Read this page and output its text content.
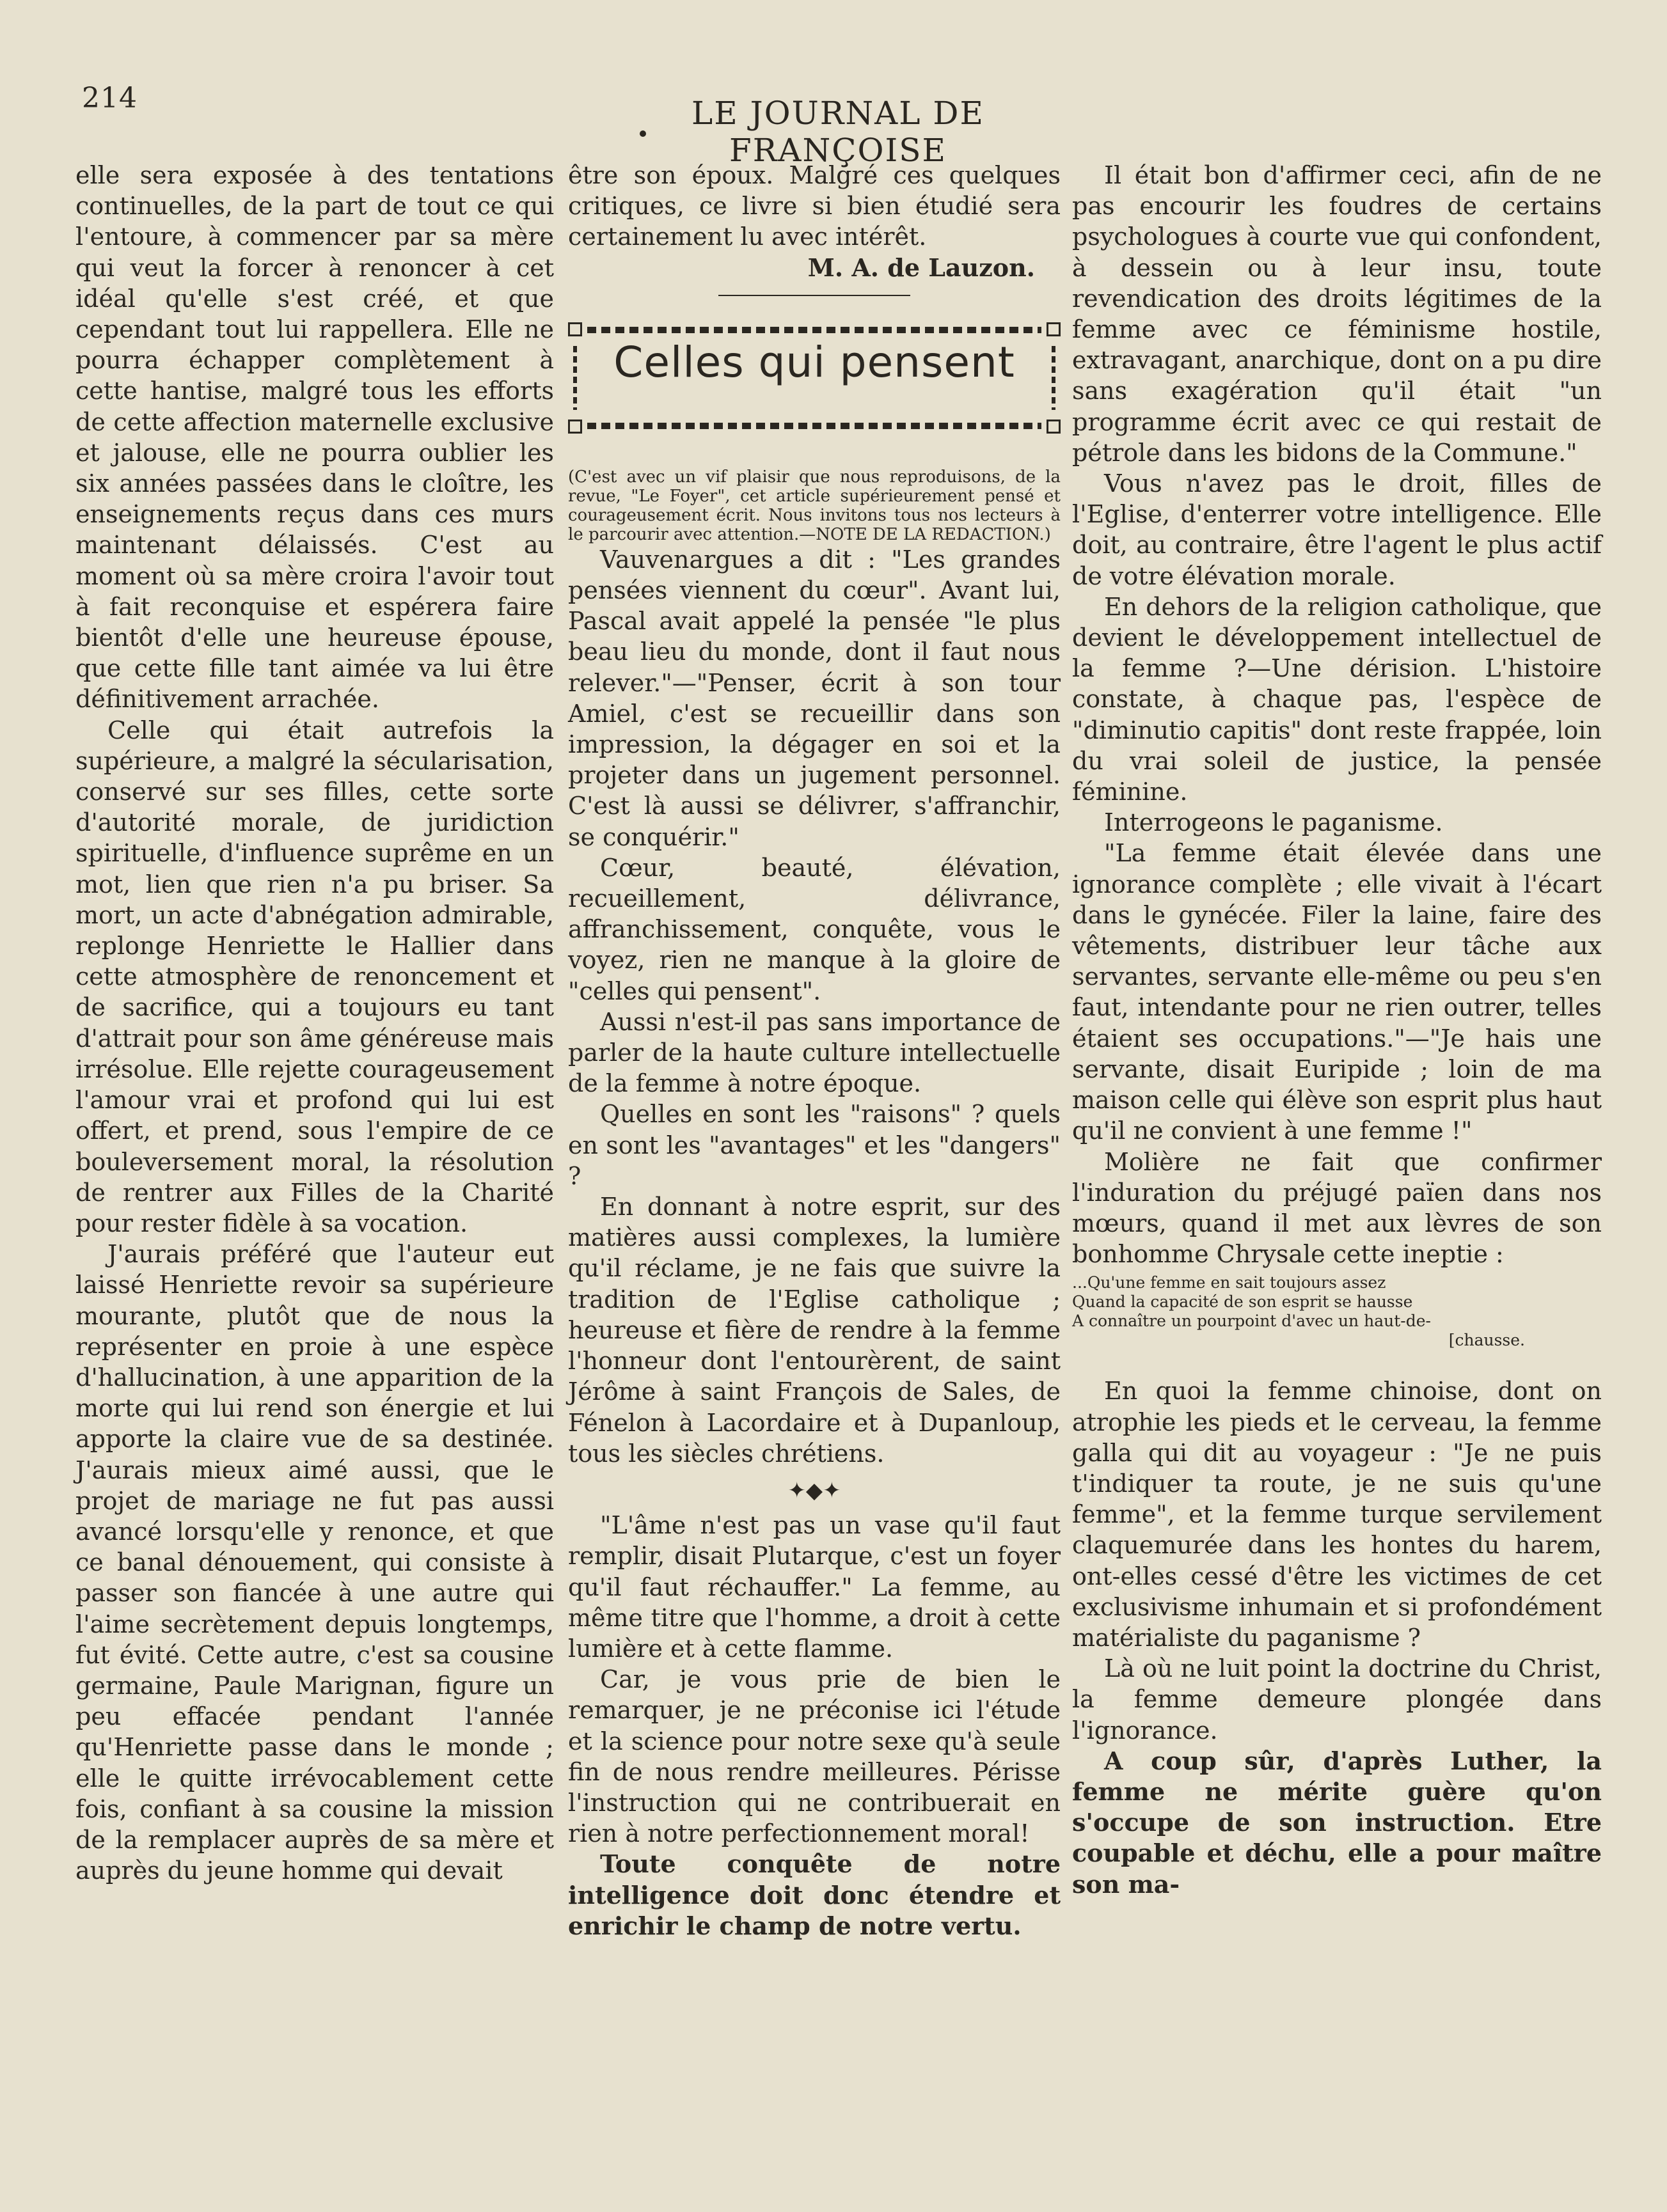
214	LE JOURNAL DE FRANÇOISE

elle sera exposée à des tentations continuelles, de la part de tout ce qui l'entoure, à commencer par sa mère qui veut la forcer à renoncer à cet idéal qu'elle s'est créé, et que cependant tout lui rappellera. Elle ne pourra échapper complètement à cette hantise, malgré tous les efforts de cette affection maternelle exclusive et jalouse, elle ne pourra oublier les six années passées dans le cloître, les enseignements reçus dans ces murs maintenant délaissés. C'est au moment où sa mère croira l'avoir tout à fait reconquise et espérera faire bientôt d'elle une heureuse épouse, que cette fille tant aimée va lui être définitivement arrachée.

Celle qui était autrefois la supérieure, a malgré la sécularisation, conservé sur ses filles, cette sorte d'autorité morale, de juridiction spirituelle, d'influence suprême en un mot, lien que rien n'a pu briser. Sa mort, un acte d'abnégation admirable, replonge Henriette le Hallier dans cette atmosphère de renoncement et de sacrifice, qui a toujours eu tant d'attrait pour son âme généreuse mais irrésolue. Elle rejette courageusement l'amour vrai et profond qui lui est offert, et prend, sous l'empire de ce bouleversement moral, la résolution de rentrer aux Filles de la Charité pour rester fidèle à sa vocation.

J'aurais préféré que l'auteur eut laissé Henriette revoir sa supérieure mourante, plutôt que de nous la représenter en proie à une espèce d'hallucination, à une apparition de la morte qui lui rend son énergie et lui apporte la claire vue de sa destinée. J'aurais mieux aimé aussi, que le projet de mariage ne fut pas aussi avancé lorsqu'elle y renonce, et que ce banal dénouement, qui consiste à passer son fiancée à une autre qui l'aime secrètement depuis longtemps, fut évité. Cette autre, c'est sa cousine germaine, Paule Marignan, figure un peu effacée pendant l'année qu'Henriette passe dans le monde ; elle le quitte irrévocablement cette fois, confiant à sa cousine la mission de la remplacer auprès de sa mère et auprès du jeune homme qui devait

être son époux. Malgré ces quelques critiques, ce livre si bien étudié sera certainement lu avec intérêt.

M. A. de Lauzon.

Celles qui pensent

(C'est avec un vif plaisir que nous reproduisons, de la revue, "Le Foyer", cet article supérieurement pensé et courageusement écrit. Nous invitons tous nos lecteurs à le parcourir avec attention.—NOTE DE LA REDACTION.)

Vauvenargues a dit : "Les grandes pensées viennent du cœur". Avant lui, Pascal avait appelé la pensée "le plus beau lieu du monde, dont il faut nous relever."—"Penser, écrit à son tour Amiel, c'est se recueillir dans son impression, la dégager en soi et la projeter dans un jugement personnel. C'est là aussi se délivrer, s'affranchir, se conquérir."

Cœur, beauté, élévation, recueillement, délivrance, affranchissement, conquête, vous le voyez, rien ne manque à la gloire de "celles qui pensent".

Aussi n'est-il pas sans importance de parler de la haute culture intellectuelle de la femme à notre époque.

Quelles en sont les "raisons" ? quels en sont les "avantages" et les "dangers" ?

En donnant à notre esprit, sur des matières aussi complexes, la lumière qu'il réclame, je ne fais que suivre la tradition de l'Eglise catholique ; heureuse et fière de rendre à la femme l'honneur dont l'entourèrent, de saint Jérôme à saint François de Sales, de Fénelon à Lacordaire et à Dupanloup, tous les siècles chrétiens.

✦◆✦

"L'âme n'est pas un vase qu'il faut remplir, disait Plutarque, c'est un foyer qu'il faut réchauffer." La femme, au même titre que l'homme, a droit à cette lumière et à cette flamme.

Car, je vous prie de bien le remarquer, je ne préconise ici l'étude et la science pour notre sexe qu'à seule fin de nous rendre meilleures. Périsse l'instruction qui ne contribuerait en rien à notre perfectionnement moral!

Toute conquête de notre intelligence doit donc étendre et enrichir le champ de notre vertu.

Il était bon d'affirmer ceci, afin de ne pas encourir les foudres de certains psychologues à courte vue qui confondent, à dessein ou à leur insu, toute revendication des droits légitimes de la femme avec ce féminisme hostile, extravagant, anarchique, dont on a pu dire sans exagération qu'il était "un programme écrit avec ce qui restait de pétrole dans les bidons de la Commune."

Vous n'avez pas le droit, filles de l'Eglise, d'enterrer votre intelligence. Elle doit, au contraire, être l'agent le plus actif de votre élévation morale.

En dehors de la religion catholique, que devient le développement intellectuel de la femme ?—Une dérision. L'histoire constate, à chaque pas, l'espèce de "diminutio capitis" dont reste frappée, loin du vrai soleil de justice, la pensée féminine.

Interrogeons le paganisme.

"La femme était élevée dans une ignorance complète ; elle vivait à l'écart dans le gynécée. Filer la laine, faire des vêtements, distribuer leur tâche aux servantes, servante elle-même ou peu s'en faut, intendante pour ne rien outrer, telles étaient ses occupations."—"Je hais une servante, disait Euripide ; loin de ma maison celle qui élève son esprit plus haut qu'il ne convient à une femme !"

Molière ne fait que confirmer l'induration du préjugé païen dans nos mœurs, quand il met aux lèvres de son bonhomme Chrysale cette ineptie :

...Qu'une femme en sait toujours assez
Quand la capacité de son esprit se hausse
A connaître un pourpoint d'avec un haut-de-
[chausse.

En quoi la femme chinoise, dont on atrophie les pieds et le cerveau, la femme galla qui dit au voyageur : "Je ne puis t'indiquer ta route, je ne suis qu'une femme", et la femme turque servilement claquemurée dans les hontes du harem, ont-elles cessé d'être les victimes de cet exclusivisme inhumain et si profondément matérialiste du paganisme ?

Là où ne luit point la doctrine du Christ, la femme demeure plongée dans l'ignorance.

A coup sûr, d'après Luther, la femme ne mérite guère qu'on s'occupe de son instruction. Etre coupable et déchu, elle a pour maître son ma-
